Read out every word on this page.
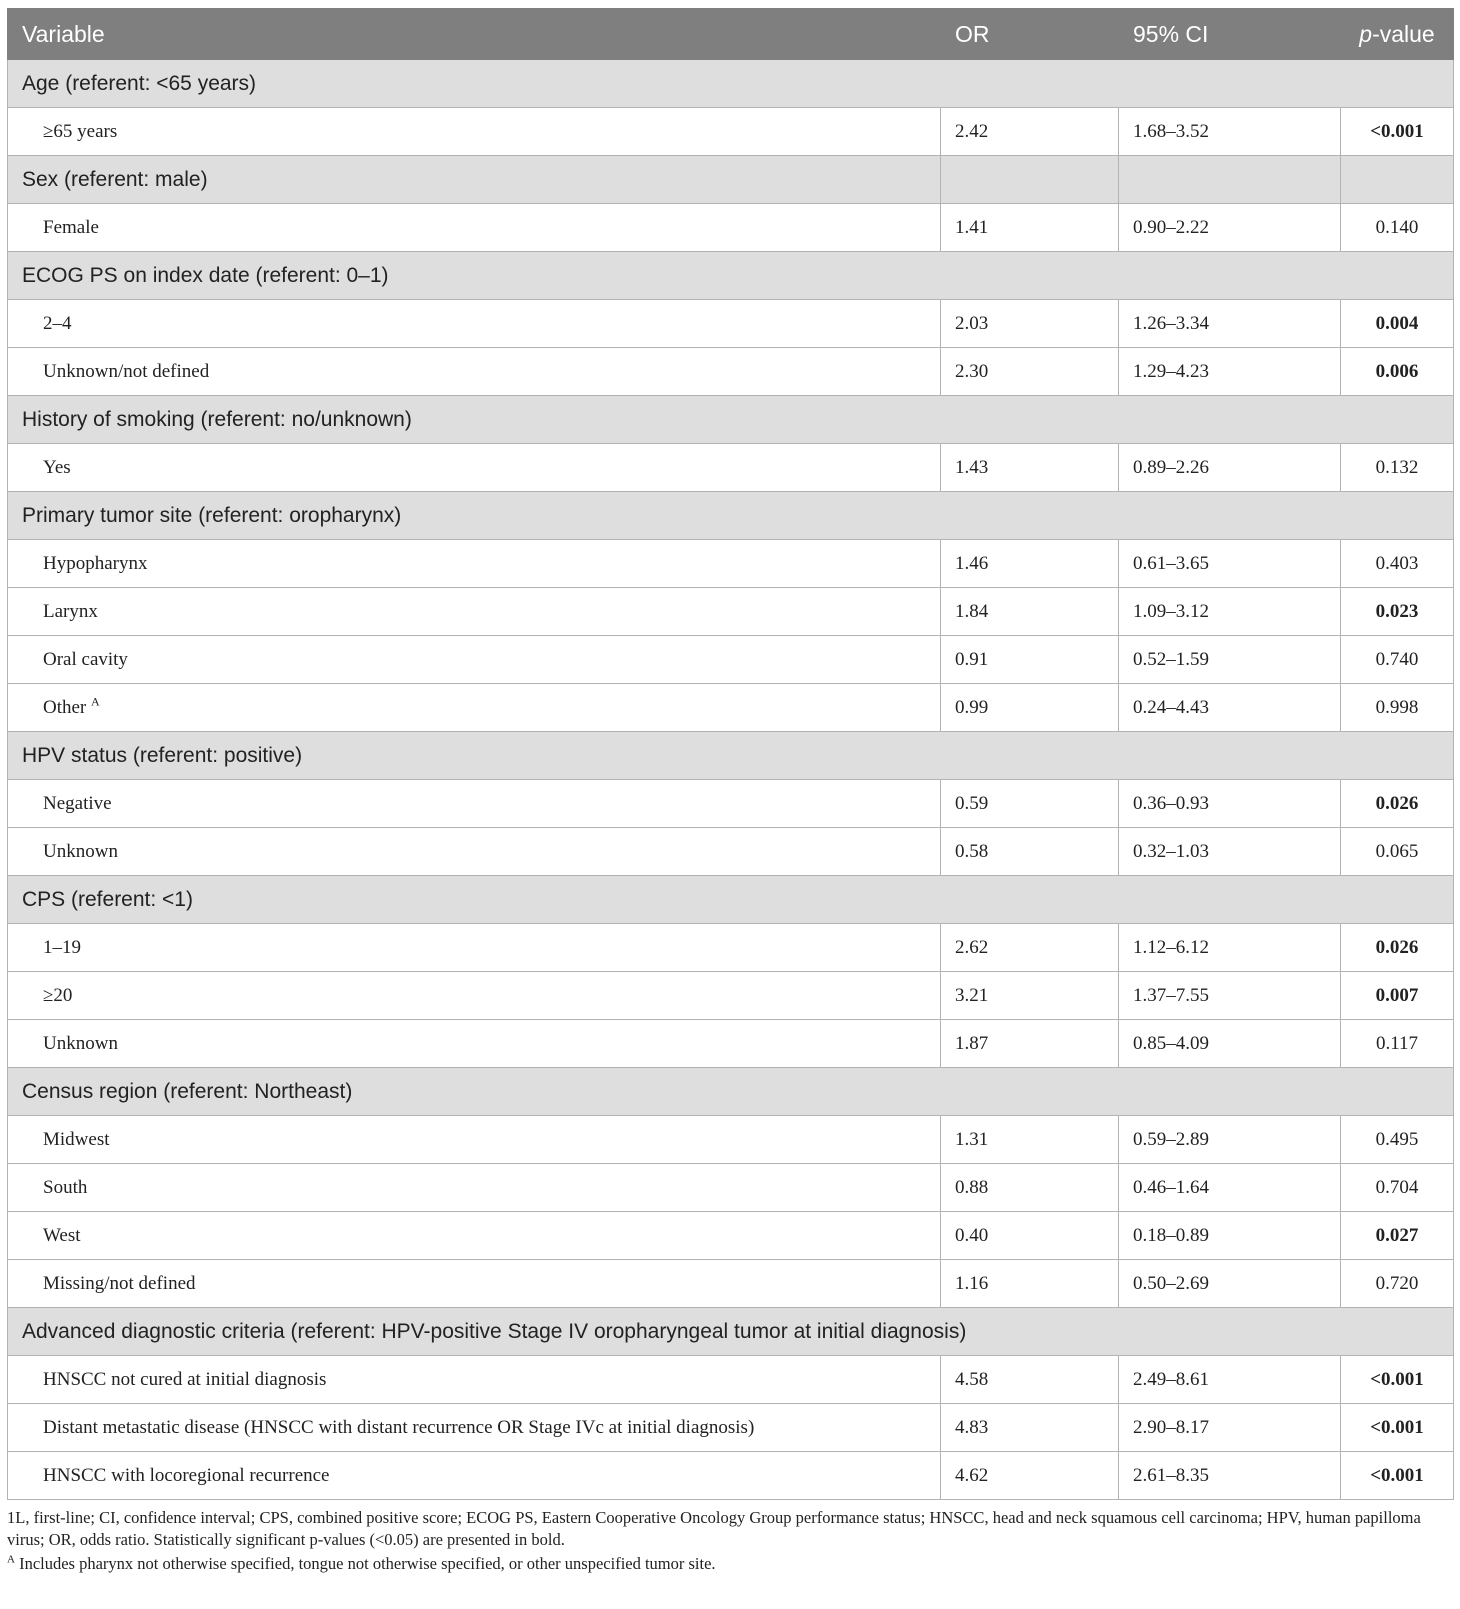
Variable	OR	95% CI	p-value
Age (referent: <65 years)			
≥65 years	2.42	1.68–3.52	<0.001
Sex (referent: male)			
Female	1.41	0.90–2.22	0.140
ECOG PS on index date (referent: 0–1)			
2–4	2.03	1.26–3.34	0.004
Unknown/not defined	2.30	1.29–4.23	0.006
History of smoking (referent: no/unknown)			
Yes	1.43	0.89–2.26	0.132
Primary tumor site (referent: oropharynx)			
Hypopharynx	1.46	0.61–3.65	0.403
Larynx	1.84	1.09–3.12	0.023
Oral cavity	0.91	0.52–1.59	0.740
Other $^A$	0.99	0.24–4.43	0.998
HPV status (referent: positive)			
Negative	0.59	0.36–0.93	0.026
Unknown	0.58	0.32–1.03	0.065
CPS (referent: <1)			
1–19	2.62	1.12–6.12	0.026
≥20	3.21	1.37–7.55	0.007
Unknown	1.87	0.85–4.09	0.117
Census region (referent: Northeast)			
Midwest	1.31	0.59–2.89	0.495
South	0.88	0.46–1.64	0.704
West	0.40	0.18–0.89	0.027
Missing/not defined	1.16	0.50–2.69	0.720
Advanced diagnostic criteria (referent: HPV-positive Stage IV oropharyngeal tumor at initial diagnosis)			
HNSCC not cured at initial diagnosis	4.58	2.49–8.61	<0.001
Distant metastatic disease (HNSCC with distant recurrence OR Stage IVc at initial diagnosis)	4.83	2.90–8.17	<0.001
HNSCC with locoregional recurrence	4.62	2.61–8.35	<0.001
1L, first-line; CI, confidence interval; CPS, combined positive score; ECOG PS, Eastern Cooperative Oncology Group performance status; HNSCC, head and neck squamous cell carcinoma; HPV, human papilloma virus; OR, odds ratio. Statistically significant p-values (<0.05) are presented in bold.
$^A$ Includes pharynx not otherwise specified, tongue not otherwise specified, or other unspecified tumor site.
